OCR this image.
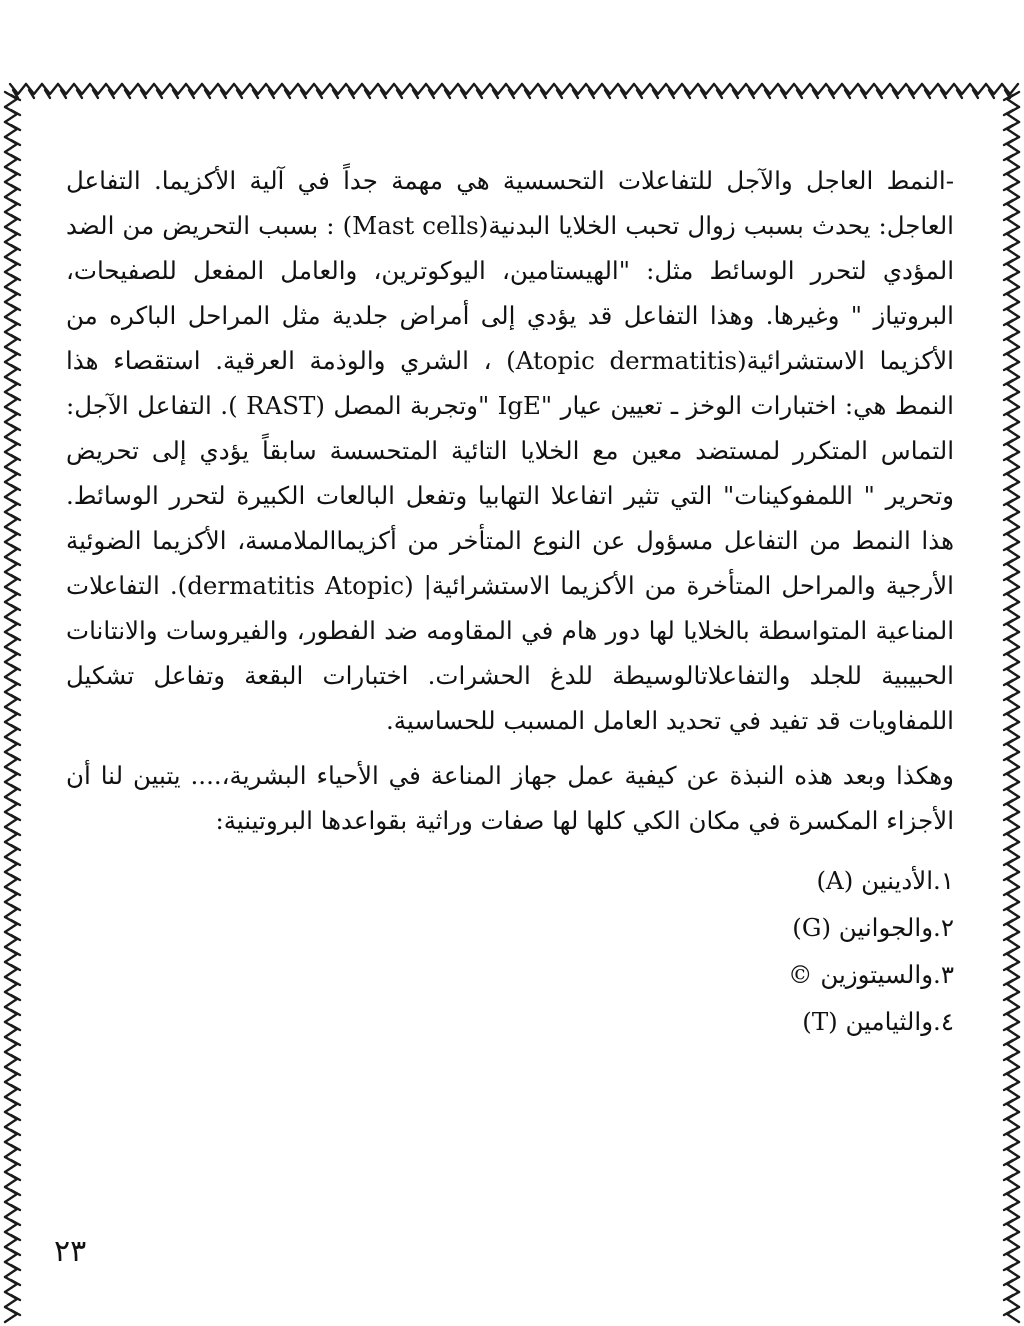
-النمط العاجل والآجل للتفاعلات التحسسية هي مهمة جداً في آلية الأكزيما. التفاعل العاجل: يحدث بسبب زوال تحبب الخلايا البدنية(Mast cells) : بسبب التحريض من الضد المؤدي لتحرر الوسائط مثل: "الهيستامين، اليوكوترين، والعامل المفعل للصفيحات، البروتياز " وغيرها. وهذا التفاعل قد يؤدي إلى أمراض جلدية مثل المراحل الباكره من الأكزيما الاستشرائية(Atopic dermatitis) ، الشري والوذمة العرقية. استقصاء هذا النمط هي: اختبارات الوخز ـ تعيين عيار "IgE "وتجربة المصل (RAST ). التفاعل الآجل: التماس المتكرر لمستضد معين مع الخلايا التائية المتحسسة سابقاً يؤدي إلى تحريض وتحرير " اللمفوكينات" التي تثير اتفاعلا التهابيا وتفعل البالعات الكبيرة لتحرر الوسائط. هذا النمط من التفاعل مسؤول عن النوع المتأخر من أكزيماالملامسة، الأكزيما الضوئية الأرجية والمراحل المتأخرة من الأكزيما الاستشرائية| (dermatitis Atopic). التفاعلات المناعية المتواسطة بالخلايا لها دور هام في المقاومه ضد الفطور، والفيروسات والانتانات الحبيبية للجلد والتفاعلاتالوسيطة للدغ الحشرات. اختبارات البقعة وتفاعل تشكيل اللمفاويات قد تفيد في تحديد العامل المسبب للحساسية.

وهكذا وبعد هذه النبذة عن كيفية عمل جهاز المناعة في الأحياء البشرية،.... يتبين لنا أن الأجزاء المكسرة في مكان الكي كلها لها صفات وراثية بقواعدها البروتينية:

١.
الأدينين (A)
٢.
والجوانين (G)
٣.
والسيتوزين ©
٤.
والثيامين (T)
٢٣
